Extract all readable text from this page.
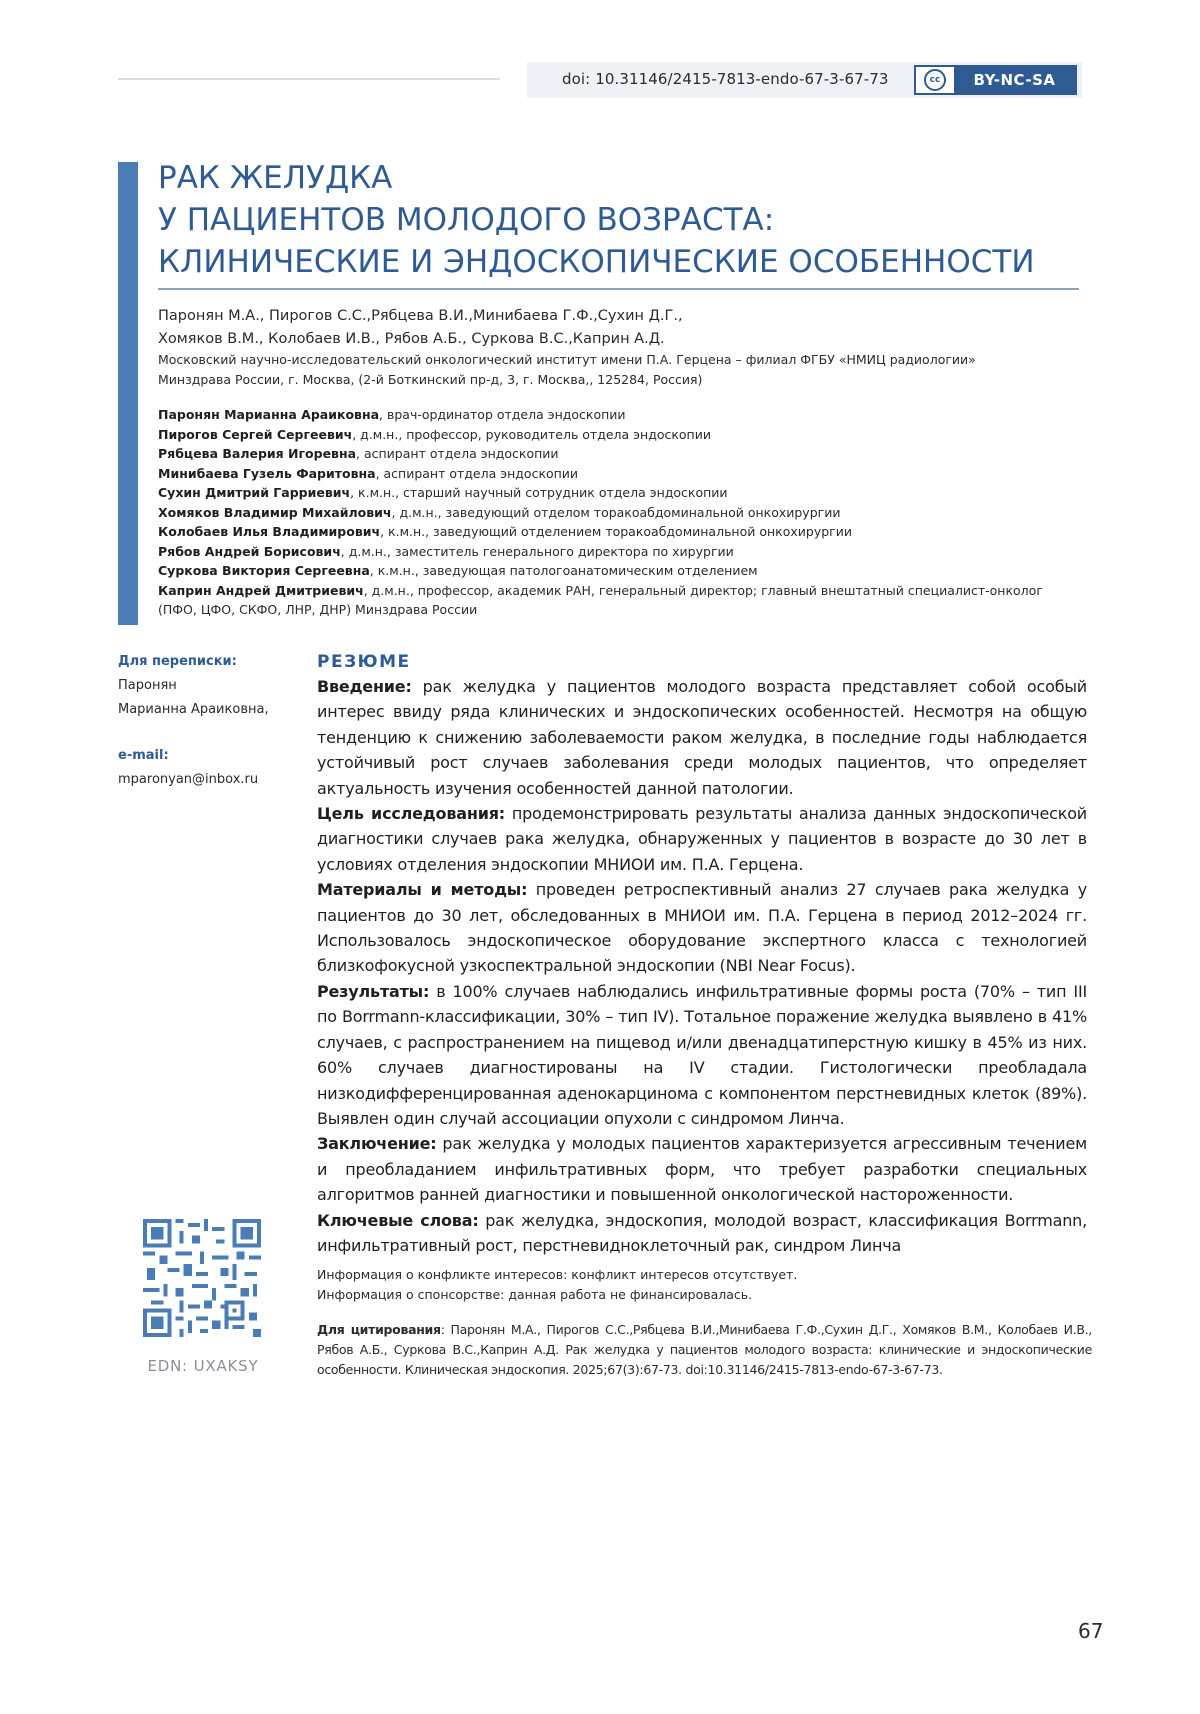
doi: 10.31146/2415-7813-endo-67-3-67-73	cc	BY-NC-SA
РАК ЖЕЛУДКА
У ПАЦИЕНТОВ МОЛОДОГО ВОЗРАСТА:
КЛИНИЧЕСКИЕ И ЭНДОСКОПИЧЕСКИЕ ОСОБЕННОСТИ
Паронян М.А., Пирогов С.С.,Рябцева В.И.,Минибаева Г.Ф.,Сухин Д.Г.,
Хомяков В.М., Колобаев И.В., Рябов А.Б., Суркова В.С.,Каприн А.Д.
Московский научно-исследовательский онкологический институт имени П.А. Герцена – филиал ФГБУ «НМИЦ радиологии»
Минздрава России, г. Москва, (2-й Боткинский пр-д, 3, г. Москва,, 125284, Россия)
Паронян Марианна Араиковна, врач-ординатор отдела эндоскопии
Пирогов Сергей Сергеевич, д.м.н., профессор, руководитель отдела эндоскопии
Рябцева Валерия Игоревна, аспирант отдела эндоскопии
Минибаева Гузель Фаритовна, аспирант отдела эндоскопии
Сухин Дмитрий Гарриевич, к.м.н., старший научный сотрудник отдела эндоскопии
Хомяков Владимир Михайлович, д.м.н., заведующий отделом торакоабдоминальной онкохирургии
Колобаев Илья Владимирович, к.м.н., заведующий отделением торакоабдоминальной онкохирургии
Рябов Андрей Борисович, д.м.н., заместитель генерального директора по хирургии
Суркова Виктория Сергеевна, к.м.н., заведующая патологоанатомическим отделением
Каприн Андрей Дмитриевич, д.м.н., профессор, академик РАН, генеральный директор; главный внештатный специалист-онколог
(ПФО, ЦФО, СКФО, ЛНР, ДНР) Минздрава России
Для переписки:
Паронян
Марианна Араиковна,
e-mail:
mparonyan@inbox.ru
РЕЗЮМЕ

Введение: рак желудка у пациентов молодого возраста представляет собой особый интерес ввиду ряда клинических и эндоскопических особенностей. Несмотря на общую тенденцию к снижению заболеваемости раком желудка, в последние годы наблюдается устойчивый рост случаев заболевания среди молодых пациентов, что определяет актуальность изучения особенностей данной патологии.

Цель исследования: продемонстрировать результаты анализа данных эндоскопической диагностики случаев рака желудка, обнаруженных у пациентов в возрасте до 30 лет в условиях отделения эндоскопии МНИОИ им. П.А. Герцена.

Материалы и методы: проведен ретроспективный анализ 27 случаев рака желудка у пациентов до 30 лет, обследованных в МНИОИ им. П.А. Герцена в период 2012–2024 гг. Использовалось эндоскопическое оборудование экспертного класса с технологией близкофокусной узкоспектральной эндоскопии (NBI Near Focus).

Результаты: в 100% случаев наблюдались инфильтративные формы роста (70% – тип III по Borrmann-классификации, 30% – тип IV). Тотальное поражение желудка выявлено в 41% случаев, с распространением на пищевод и/или двенадцатиперстную кишку в 45% из них. 60% случаев диагностированы на IV стадии. Гистологически преобладала низкодифференцированная аденокарцинома с компонентом перстневидных клеток (89%). Выявлен один случай ассоциации опухоли с синдромом Линча.

Заключение: рак желудка у молодых пациентов характеризуется агрессивным течением и преобладанием инфильтративных форм, что требует разработки специальных алгоритмов ранней диагностики и повышенной онкологической настороженности.

Ключевые слова: рак желудка, эндоскопия, молодой возраст, классификация Borrmann, инфильтративный рост, перстневидноклеточный рак, синдром Линча

Информация о конфликте интересов: конфликт интересов отсутствует.
Информация о спонсорстве: данная работа не финансировалась.
Для цитирования: Паронян М.А., Пирогов С.С.,Рябцева В.И.,Минибаева Г.Ф.,Сухин Д.Г., Хомяков В.М., Колобаев И.В., Рябов А.Б., Суркова В.С.,Каприн А.Д. Рак желудка у пациентов молодого возраста: клинические и эндоскопические особенности. Клиническая эндоскопия. 2025;67(3):67-73. doi:10.31146/2415-7813-endo-67-3-67-73.
EDN: UXAKSY
67
